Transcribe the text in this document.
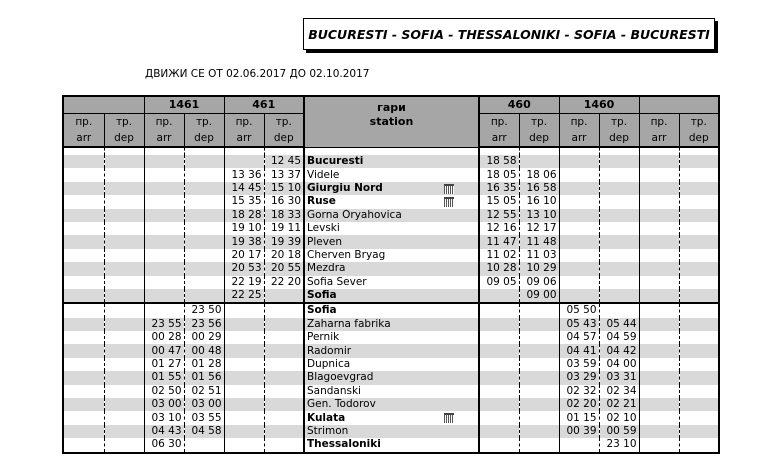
BUCURESTI - SOFIA - THESSALONIKI - SOFIA - BUCURESTI
ДВИЖИ СЕ ОТ 02.06.2017 ДО 02.10.2017
		1461		461		гари
station	460		1460			
пр.	тр.	пр.	тр.	пр.	тр.		пр.	тр.	пр.	тр.	пр.	тр.
arr	dep	arr	dep	arr	dep		arr	dep	arr	dep	arr	dep

					12 45	Bucuresti	18 58					
				13 36	13 37	Videle	18 05	18 06				
				14 45	15 10	Giurgiu Nord	16 35	16 58				
				15 35	16 30	Ruse	15 05	16 10				
				18 28	18 33	Gorna Oryahovica	12 55	13 10				
				19 10	19 11	Levski	12 16	12 17				
				19 38	19 39	Pleven	11 47	11 48				
				20 17	20 18	Cherven Bryag	11 02	11 03				
				20 53	20 55	Mezdra	10 28	10 29				
				22 19	22 20	Sofia Sever	09 05	09 06				
				22 25		Sofia		09 00				
			23 50			Sofia			05 50			
		23 55	23 56			Zaharna fabrika			05 43	05 44		
		00 28	00 29			Pernik			04 57	04 59		
		00 47	00 48			Radomir			04 41	04 42		
		01 27	01 28			Dupnica			03 59	04 00		
		01 55	01 56			Blagoevgrad			03 29	03 31		
		02 50	02 51			Sandanski			02 32	02 34		
		03 00	03 00			Gen. Todorov			02 20	02 21		
		03 10	03 55			Kulata			01 15	02 10		
		04 43	04 58			Strimon			00 39	00 59		
		06 30				Thessaloniki				23 10		
